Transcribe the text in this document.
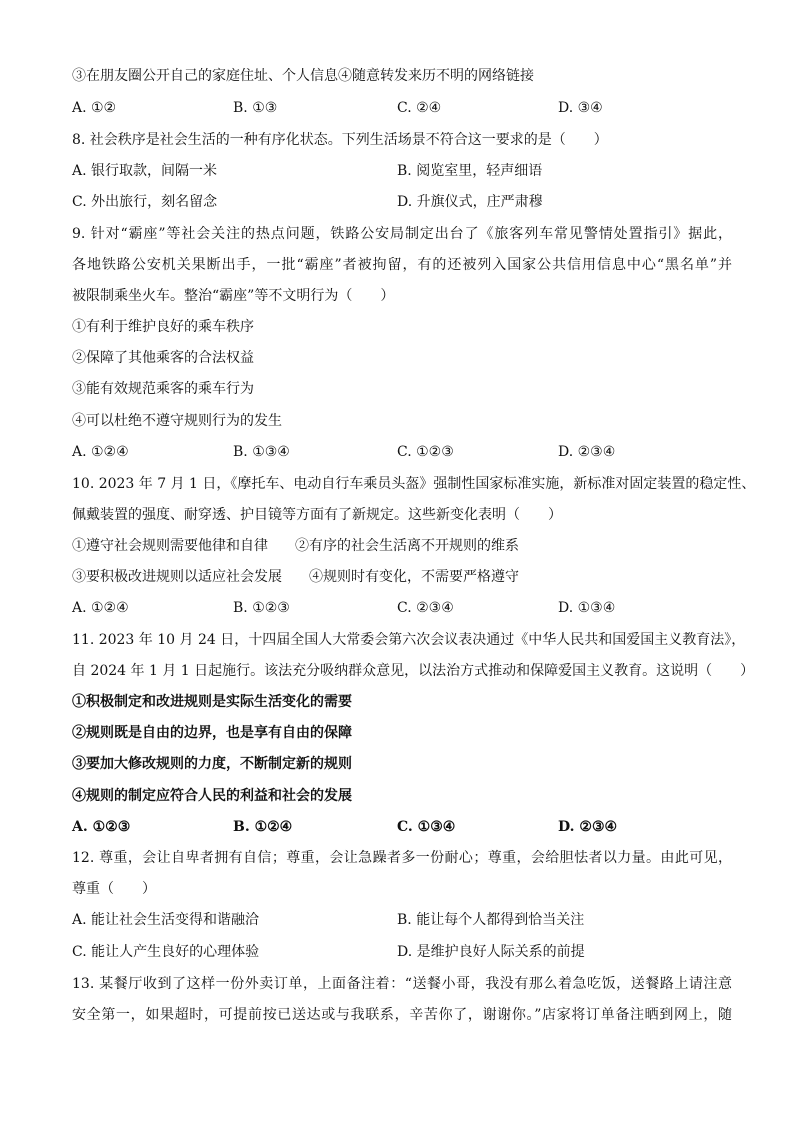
③在朋友圈公开自己的家庭住址、个人信息④随意转发来历不明的网络链接
A. ①②	B. ①③	C. ②④	D. ③④
8. 社会秩序是社会生活的一种有序化状态。下列生活场景不符合这一要求的是（　　）
A. 银行取款，间隔一米	B. 阅览室里，轻声细语
C. 外出旅行，刻名留念	D. 升旗仪式，庄严肃穆
9. 针对“霸座”等社会关注的热点问题，铁路公安局制定出台了《旅客列车常见警情处置指引》据此，
各地铁路公安机关果断出手，一批“霸座”者被拘留，有的还被列入国家公共信用信息中心“黑名单”并
被限制乘坐火车。整治“霸座”等不文明行为（　　）
①有利于维护良好的乘车秩序
②保障了其他乘客的合法权益
③能有效规范乘客的乘车行为
④可以杜绝不遵守规则行为的发生
A. ①②④	B. ①③④	C. ①②③	D. ②③④
10. 2023 年 7 月 1 日，《摩托车、电动自行车乘员头盔》强制性国家标准实施，新标准对固定装置的稳定性、
佩戴装置的强度、耐穿透、护目镜等方面有了新规定。这些新变化表明（　　）
①遵守社会规则需要他律和自律 ②有序的社会生活离不开规则的维系
③要积极改进规则以适应社会发展 ④规则时有变化，不需要严格遵守
A. ①②④	B. ①②③	C. ②③④	D. ①③④
11. 2023 年 10 月 24 日，十四届全国人大常委会第六次会议表决通过《中华人民共和国爱国主义教育法》，
自 2024 年 1 月 1 日起施行。该法充分吸纳群众意见，以法治方式推动和保障爱国主义教育。这说明（　　）
①积极制定和改进规则是实际生活变化的需要
②规则既是自由的边界，也是享有自由的保障
③要加大修改规则的力度，不断制定新的规则
④规则的制定应符合人民的利益和社会的发展
A. ①②③	B. ①②④	C. ①③④	D. ②③④
12. 尊重，会让自卑者拥有自信；尊重，会让急躁者多一份耐心；尊重，会给胆怯者以力量。由此可见，
尊重（　　）
A. 能让社会生活变得和谐融洽	B. 能让每个人都得到恰当关注
C. 能让人产生良好的心理体验	D. 是维护良好人际关系的前提
13. 某餐厅收到了这样一份外卖订单，上面备注着：“送餐小哥，我没有那么着急吃饭，送餐路上请注意
安全第一，如果超时，可提前按已送达或与我联系，辛苦你了，谢谢你。”店家将订单备注晒到网上，随
